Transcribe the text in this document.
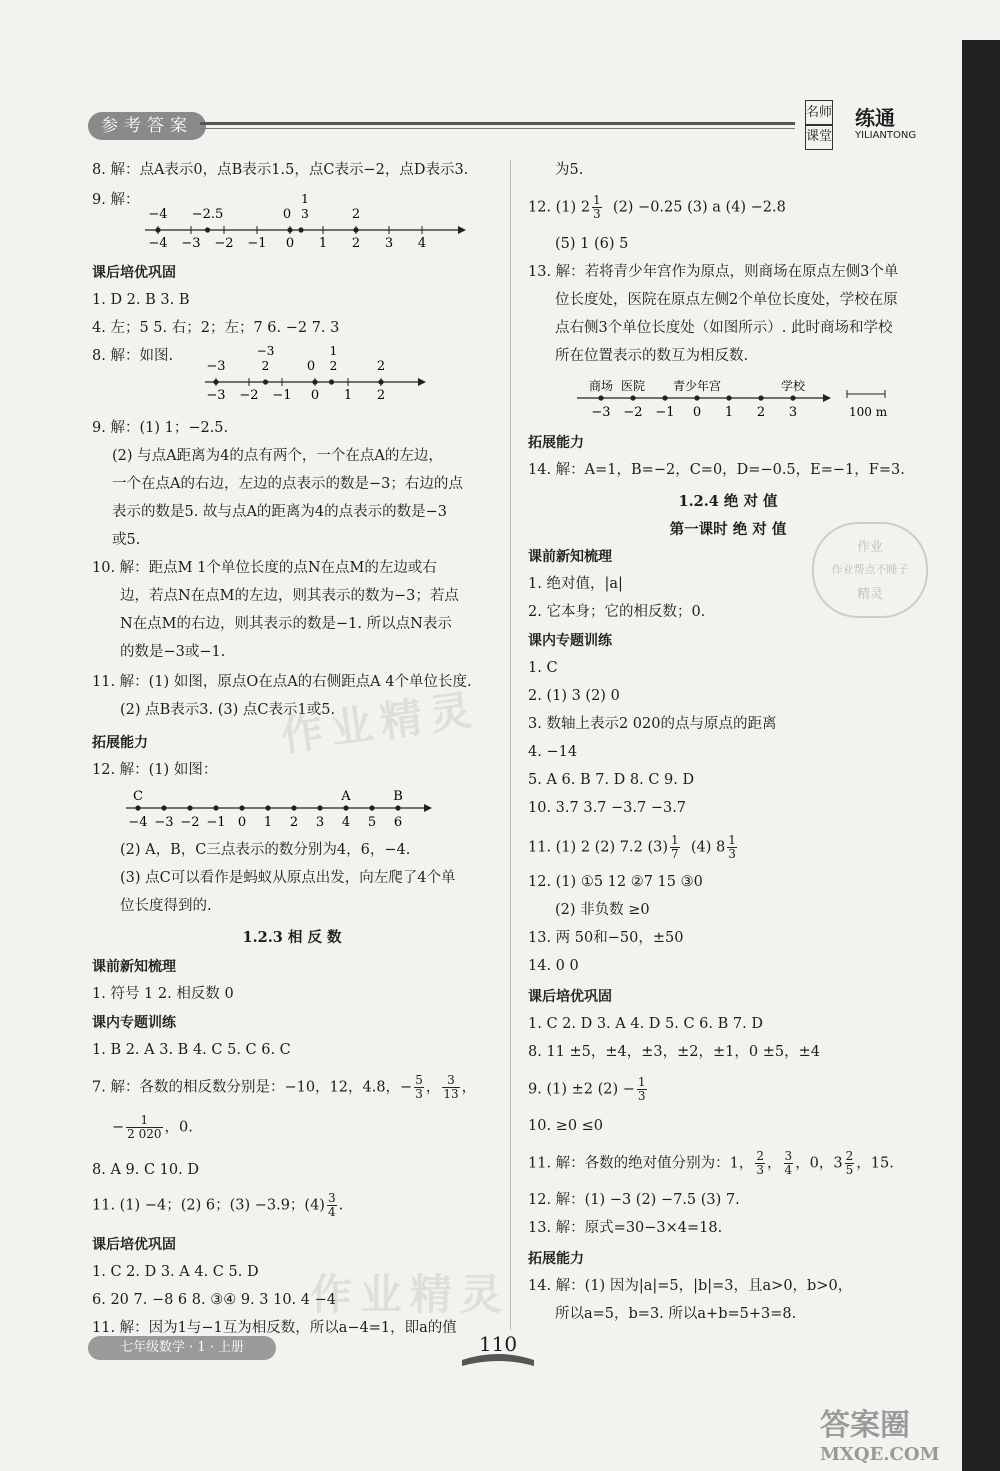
参考答案
名师
课堂
练通
YILIANTONG
8. 解：点A表示0，点B表示1.5，点C表示−2，点D表示3.
9. 解：
−4 −3 −2 −1 0 1 2 3 4
−4 −2.5	0
1
3	2
课后培优巩固
1. D 2. B 3. B
4. 左；5 5. 右；2；左；7 6. −2 7. 3
8. 解：如图.
−3 −2 −1 0 1 2
−3
−3
2	0
1
2	2
9. 解：(1) 1；−2.5.
(2) 与点A距离为4的点有两个，一个在点A的左边，
一个在点A的右边，左边的点表示的数是−3；右边的点
表示的数是5. 故与点A的距离为4的点表示的数是−3
或5.
10. 解：距点M 1个单位长度的点N在点M的左边或右
边，若点N在点M的左边，则其表示的数为−3；若点
N在点M的右边，则其表示的数是−1. 所以点N表示
的数是−3或−1.
11. 解：(1) 如图，原点O在点A的右侧距点A 4个单位长度.
(2) 点B表示3. (3) 点C表示1或5.
拓展能力
12. 解：(1) 如图：
−4 −3 −2 −1 0 1 2 3 4 5 6
C	A	B
(2) A，B，C三点表示的数分别为4，6，−4.
(3) 点C可以看作是蚂蚁从原点出发，向左爬了4个单
位长度得到的.
1.2.3 相 反 数
课前新知梳理
1. 符号 1 2. 相反数 0
课内专题训练
1. B 2. A 3. B 4. C 5. C 6. C
7. 解：各数的相反数分别是：−10，12，4.8，− $\frac{5}{3}$ ， $\frac{3}{13}$ ，
− $\frac{1}{2 020}$ ，0.
8. A 9. C 10. D
11. (1) −4；(2) 6；(3) −3.9；$(4) \frac{3}{4}$ .
课后培优巩固
1. C 2. D 3. A 4. C 5. D
6. 20 7. −8 6 8. ③④ 9. 3 10. 4 −4
11. 解：因为1与−1互为相反数，所以a−4=1，即a的值
为5.
12. (1) $2 \frac{1}{3} (2) -0.25$ (3) a (4) −2.8
(5) 1 (6) 5
13. 解：若将青少年宫作为原点，则商场在原点左侧3个单
位长度处，医院在原点左侧2个单位长度处，学校在原
点右侧3个单位长度处（如图所示）. 此时商场和学校
所在位置表示的数互为相反数.
100 m
−3 −2 −1 0 1 2 3
商场 医院 青少年宫	学校
拓展能力
14. 解：A=1，B=−2，C=0，D=−0.5，E=−1，F=3.
1.2.4 绝 对 值
第一课时 绝 对 值
课前新知梳理
1. 绝对值，|a|
2. 它本身；它的相反数；0.
课内专题训练
1. C
2. (1) 3 (2) 0
3. 数轴上表示2 020的点与原点的距离
4. −14
5. A 6. B 7. D 8. C 9. D
10. 3.7 3.7 −3.7 −3.7
11. (1) 2 (2) 7.2 $(3) \frac{1}{7} (4)$ $8 \frac{1}{3}$
12. (1) ①5 12 ②7 15 ③0
(2) 非负数 ≥0
13. 两 50和−50，±50
14. 0 0
课后培优巩固
1. C 2. D 3. A 4. D 5. C 6. B 7. D
8. 11 ±5，±4，±3，±2，±1，0 ±5，±4
9. (1) ±2 $(2) - \frac{1}{3}$
10. ≥0 ≤0
11. 解：各数的绝对值分别为：1， $\frac{2}{3}$ ， $\frac{3}{4}$ ，0，$3 \frac{2}{5}$ ，15.
12. 解：(1) −3 (2) −7.5 (3) 7.
13. 解：原式=30−3×4=18.
拓展能力
14. 解：(1) 因为|a|=5，|b|=3，且a>0，b>0，
所以a=5，b=3. 所以a+b=5+3=8.
作业
作业帮点不睡子
精灵
作业精灵
作业精灵
七年级数学 · 1 · 上册	110
答案圈
MXQE.COM
